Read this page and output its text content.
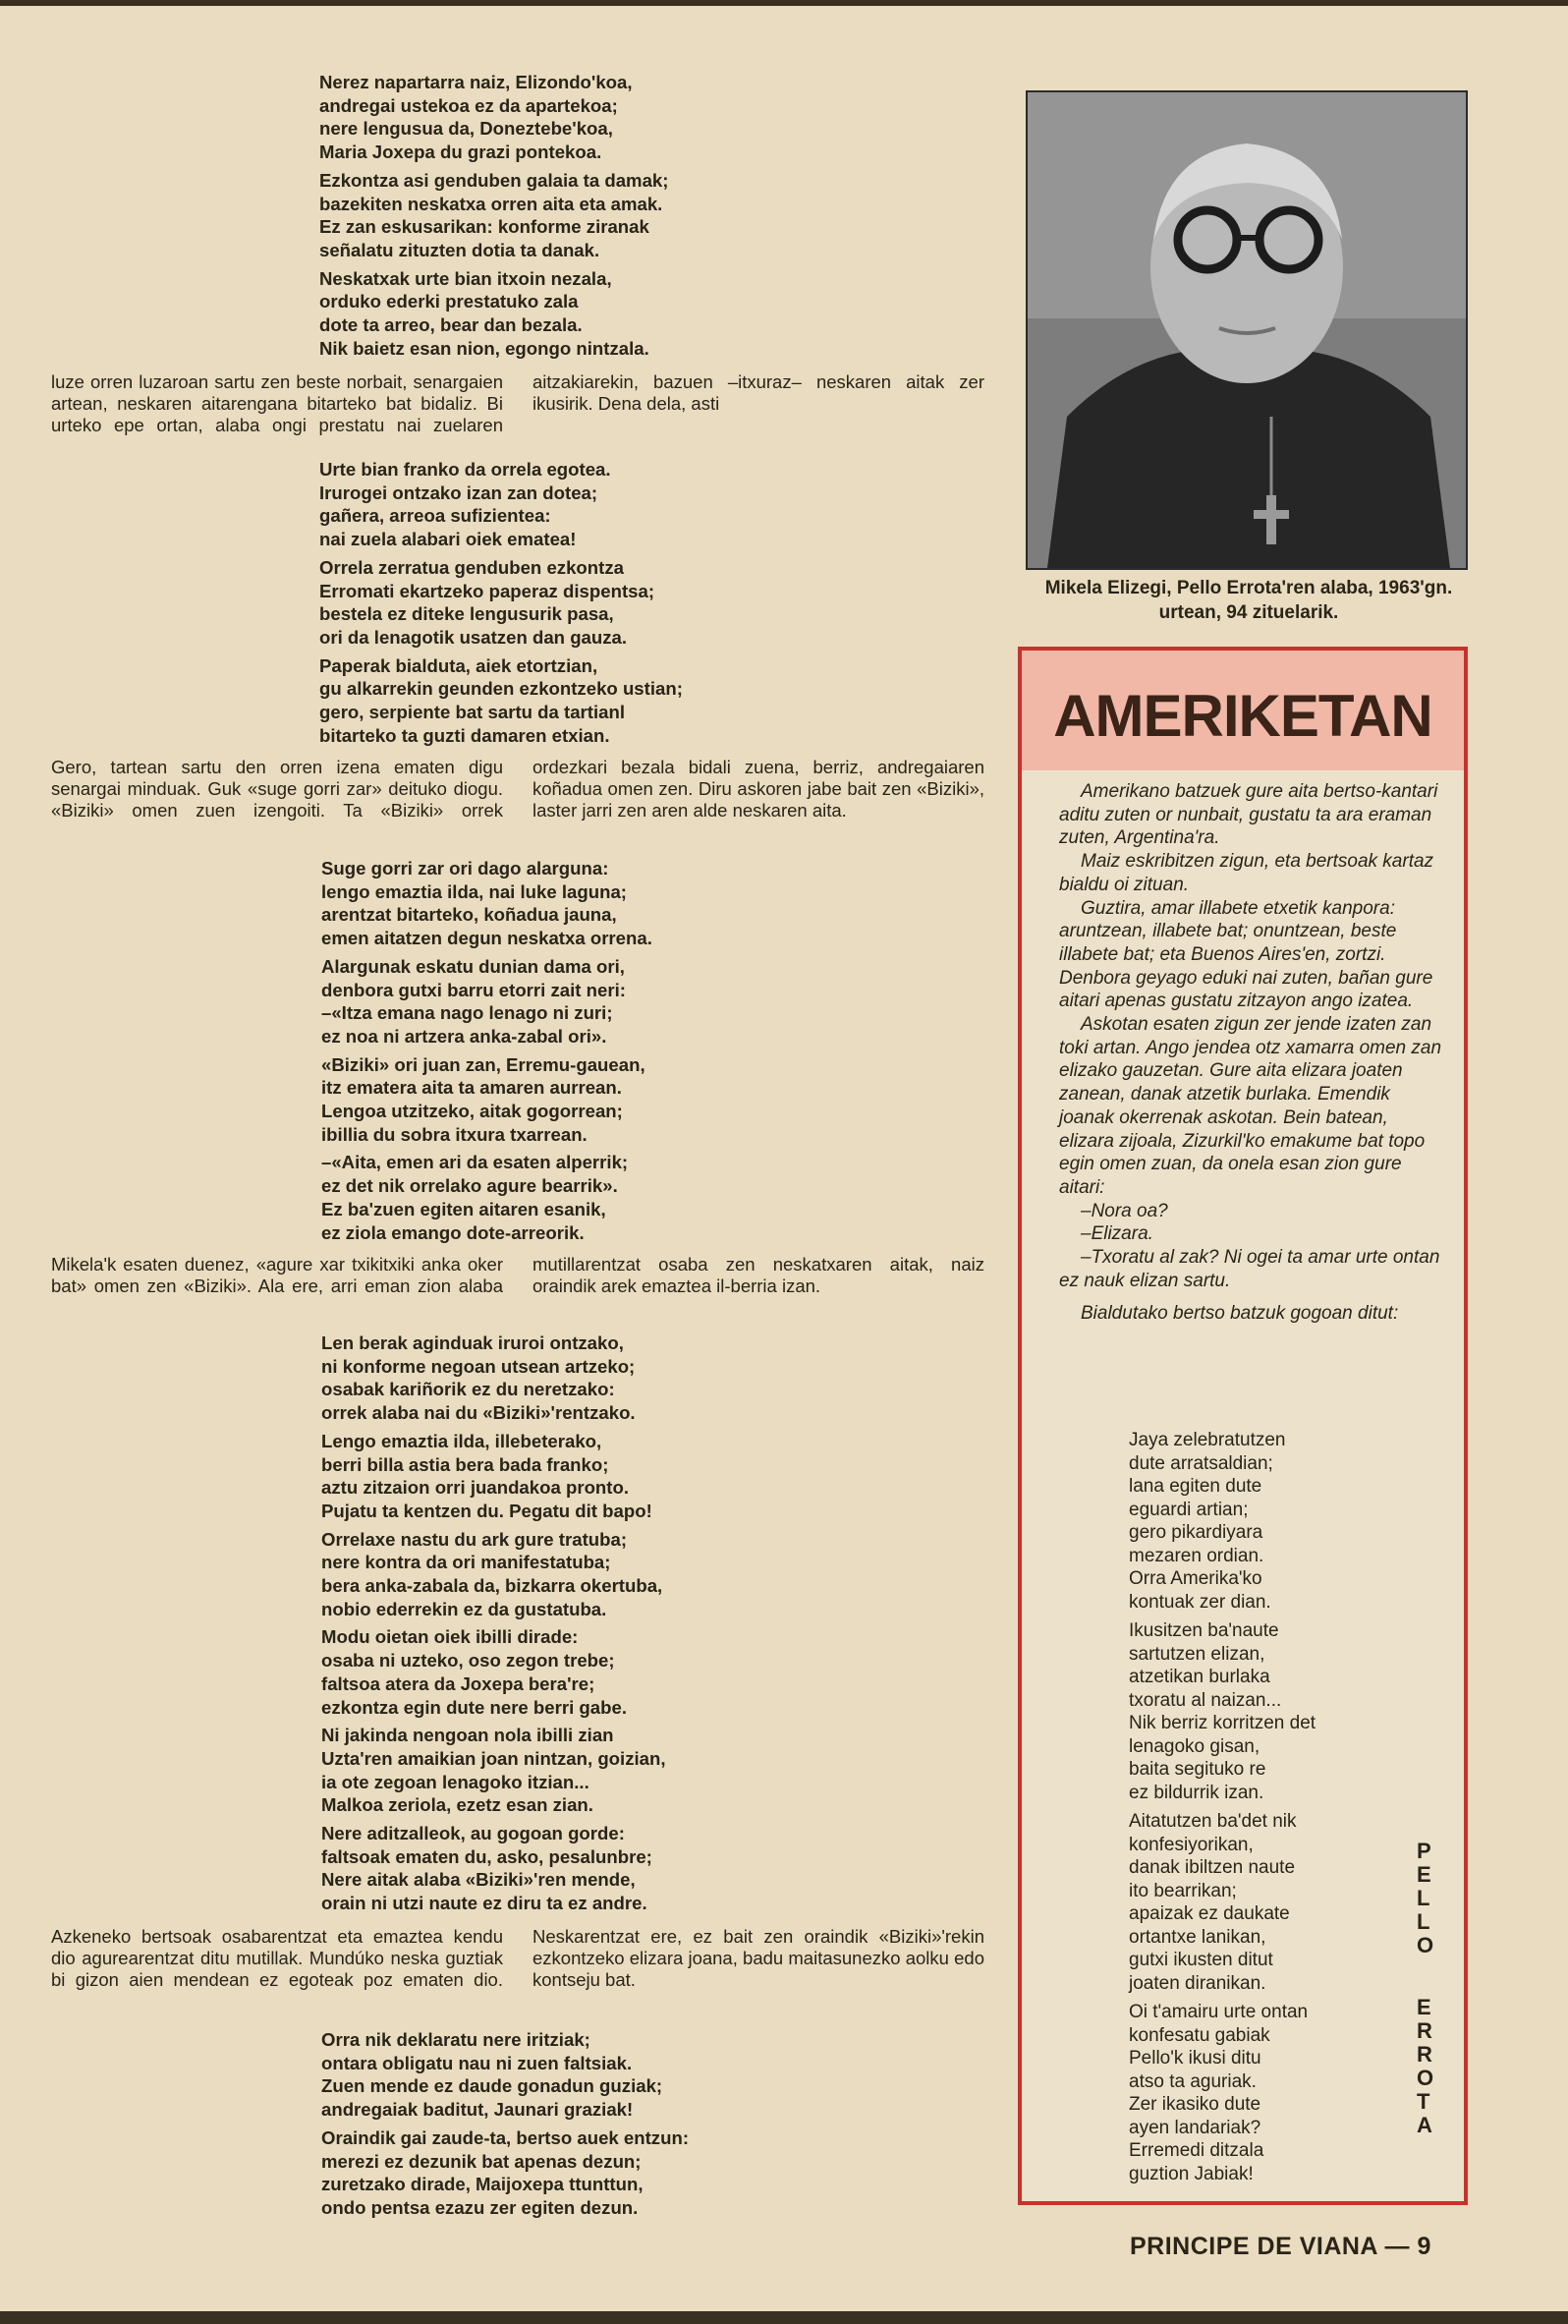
Nerez napartarra naiz, Elizondo'koa,
andregai ustekoa ez da apartekoa;
nere lengusua da, Doneztebe'koa,
Maria Joxepa du grazi pontekoa.
Ezkontza asi genduben galaia ta damak;
bazekiten neskatxa orren aita eta amak.
Ez zan eskusarikan: konforme ziranak
señalatu zituzten dotia ta danak.
Neskatxak urte bian itxoin nezala,
orduko ederki prestatuko zala
dote ta arreo, bear dan bezala.
Nik baietz esan nion, egongo nintzala.

luze orren luzaroan sartu zen beste norbait, senargaien artean, neskaren aitarengana bitarteko bat bidaliz. Bi urteko epe ortan, alaba ongi prestatu nai zuelaren aitzakiarekin, bazuen –itxuraz– neskaren aitak zer ikusirik. Dena dela, asti

Urte bian franko da orrela egotea.
Irurogei ontzako izan zan dotea;
gañera, arreoa sufizientea:
nai zuela alabari oiek ematea!
Orrela zerratua genduben ezkontza
Erromati ekartzeko paperaz dispentsa;
bestela ez diteke lengusurik pasa,
ori da lenagotik usatzen dan gauza.
Paperak bialduta, aiek etortzian,
gu alkarrekin geunden ezkontzeko ustian;
gero, serpiente bat sartu da tartianl
bitarteko ta guzti damaren etxian.

Gero, tartean sartu den orren izena ematen digu senargai minduak. Guk «suge gorri zar» deituko diogu. «Biziki» omen zuen izengoiti. Ta «Biziki» orrek ordezkari bezala bidali zuena, berriz, andregaiaren koñadua omen zen. Diru askoren jabe bait zen «Biziki», laster jarri zen aren alde neskaren aita.

Suge gorri zar ori dago alarguna:
lengo emaztia ilda, nai luke laguna;
arentzat bitarteko, koñadua jauna,
emen aitatzen degun neskatxa orrena.
Alargunak eskatu dunian dama ori,
denbora gutxi barru etorri zait neri:
–«Itza emana nago lenago ni zuri;
ez noa ni artzera anka-zabal ori».
«Biziki» ori juan zan, Erremu-gauean,
itz ematera aita ta amaren aurrean.
Lengoa utzitzeko, aitak gogorrean;
ibillia du sobra itxura txarrean.
–«Aita, emen ari da esaten alperrik;
ez det nik orrelako agure bearrik».
Ez ba'zuen egiten aitaren esanik,
ez ziola emango dote-arreorik.

Mikela'k esaten duenez, «agure xar txikitxiki anka oker bat» omen zen «Biziki». Ala ere, arri eman zion alaba mutillarentzat osaba zen neskatxaren aitak, naiz oraindik arek emaztea il-berria izan.

Len berak aginduak iruroi ontzako,
ni konforme negoan utsean artzeko;
osabak kariñorik ez du neretzako:
orrek alaba nai du «Biziki»'rentzako.
Lengo emaztia ilda, illebeterako,
berri billa astia bera bada franko;
aztu zitzaion orri juandakoa pronto.
Pujatu ta kentzen du. Pegatu dit bapo!
Orrelaxe nastu du ark gure tratuba;
nere kontra da ori manifestatuba;
bera anka-zabala da, bizkarra okertuba,
nobio ederrekin ez da gustatuba.
Modu oietan oiek ibilli dirade:
osaba ni uzteko, oso zegon trebe;
faltsoa atera da Joxepa bera're;
ezkontza egin dute nere berri gabe.
Ni jakinda nengoan nola ibilli zian
Uzta'ren amaikian joan nintzan, goizian,
ia ote zegoan lenagoko itzian...
Malkoa zeriola, ezetz esan zian.
Nere aditzalleok, au gogoan gorde:
faltsoak ematen du, asko, pesalunbre;
Nere aitak alaba «Biziki»'ren mende,
orain ni utzi naute ez diru ta ez andre.

Azkeneko bertsoak osabarentzat eta emaztea kendu dio agurearentzat ditu mutillak. Mundúko neska guztiak bi gizon aien mendean ez egoteak poz ematen dio. Neskarentzat ere, ez bait zen oraindik «Biziki»'rekin ezkontzeko elizara joana, badu maitasunezko aolku edo kontseju bat.

Orra nik deklaratu nere iritziak;
ontara obligatu nau ni zuen faltsiak.
Zuen mende ez daude gonadun guziak;
andregaiak baditut, Jaunari graziak!
Oraindik gai zaude-ta, bertso auek entzun:
merezi ez dezunik bat apenas dezun;
zuretzako dirade, Maijoxepa ttunttun,
ondo pentsa ezazu zer egiten dezun.
Mikela Elizegi, Pello Errota'ren alaba, 1963'gn. urtean, 94 zituelarik.
AMERIKETAN

Amerikano batzuek gure aita bertso-kantari aditu zuten or nunbait, gustatu ta ara eraman zuten, Argentina'ra.

Maiz eskribitzen zigun, eta bertsoak kartaz bialdu oi zituan.

Guztira, amar illabete etxetik kanpora: aruntzean, illabete bat; onuntzean, beste illabete bat; eta Buenos Aires'en, zortzi. Denbora geyago eduki nai zuten, bañan gure aitari apenas gustatu zitzayon ango izatea.

Askotan esaten zigun zer jende izaten zan toki artan. Ango jendea otz xamarra omen zan elizako gauzetan. Gure aita elizara joaten zanean, danak atzetik burlaka. Emendik joanak okerrenak askotan. Bein batean, elizara zijoala, Zizurkil'ko emakume bat topo egin omen zuan, da onela esan zion gure aitari:

–Nora oa?

–Elizara.

–Txoratu al zak? Ni ogei ta amar urte ontan ez nauk elizan sartu.

Bialdutako bertso batzuk gogoan ditut:

Jaya zelebratutzen
dute arratsaldian;
lana egiten dute
eguardi artian;
gero pikardiyara
mezaren ordian.
Orra Amerika'ko
kontuak zer dian.
Ikusitzen ba'naute
sartutzen elizan,
atzetikan burlaka
txoratu al naizan...
Nik berriz korritzen det
lenagoko gisan,
baita segituko re
ez bildurrik izan.
Aitatutzen ba'det nik
konfesiyorikan,
danak ibiltzen naute
ito bearrikan;
apaizak ez daukate
ortantxe lanikan,
gutxi ikusten ditut
joaten diranikan.
Oi t'amairu urte ontan
konfesatu gabiak
Pello'k ikusi ditu
atso ta aguriak.
Zer ikasiko dute
ayen landariak?
Erremedi ditzala
guztion Jabiak!
P
E
L
L
O
E
R
R
O
T
A
PRINCIPE DE VIANA — 9
